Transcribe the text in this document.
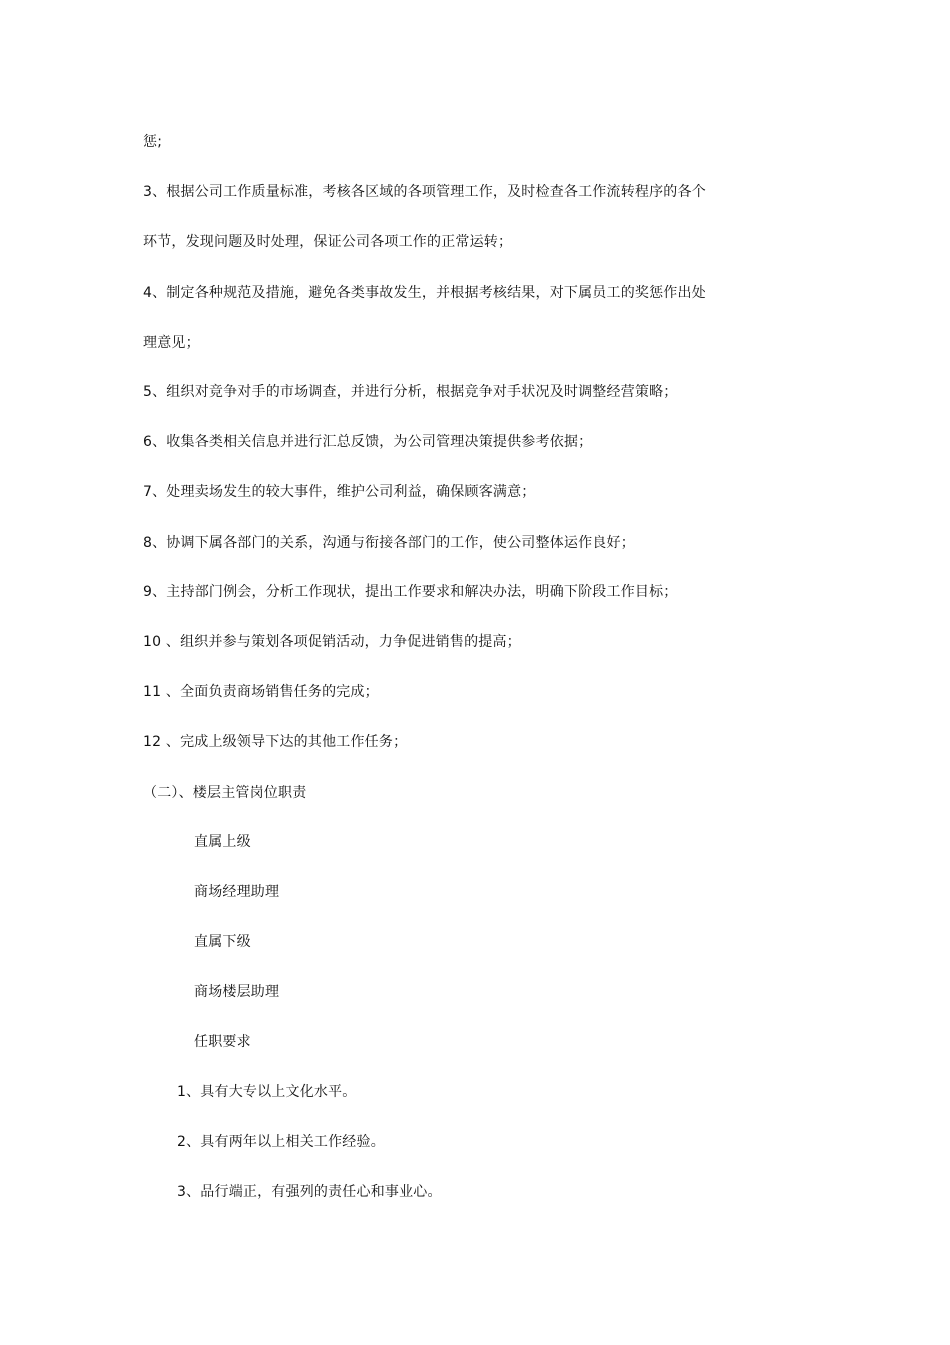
惩;
3、根据公司工作质量标准，考核各区域的各项管理工作，及时检查各工作流转程序的各个
环节，发现问题及时处理，保证公司各项工作的正常运转；
4、制定各种规范及措施，避免各类事故发生，并根据考核结果，对下属员工的奖惩作出处
理意见；
5、组织对竞争对手的市场调查，并进行分析，根据竞争对手状况及时调整经营策略；
6、收集各类相关信息并进行汇总反馈，为公司管理决策提供参考依据；
7、处理卖场发生的较大事件，维护公司利益，确保顾客满意；
8、协调下属各部门的关系，沟通与衔接各部门的工作，使公司整体运作良好；
9、主持部门例会，分析工作现状，提出工作要求和解决办法，明确下阶段工作目标；
10 、组织并参与策划各项促销活动，力争促进销售的提高；
11 、全面负责商场销售任务的完成；
12 、完成上级领导下达的其他工作任务；
（二）、楼层主管岗位职责
直属上级
商场经理助理
直属下级
商场楼层助理
任职要求
1、具有大专以上文化水平。
2、具有两年以上相关工作经验。
3、品行端正，有强列的责任心和事业心。
